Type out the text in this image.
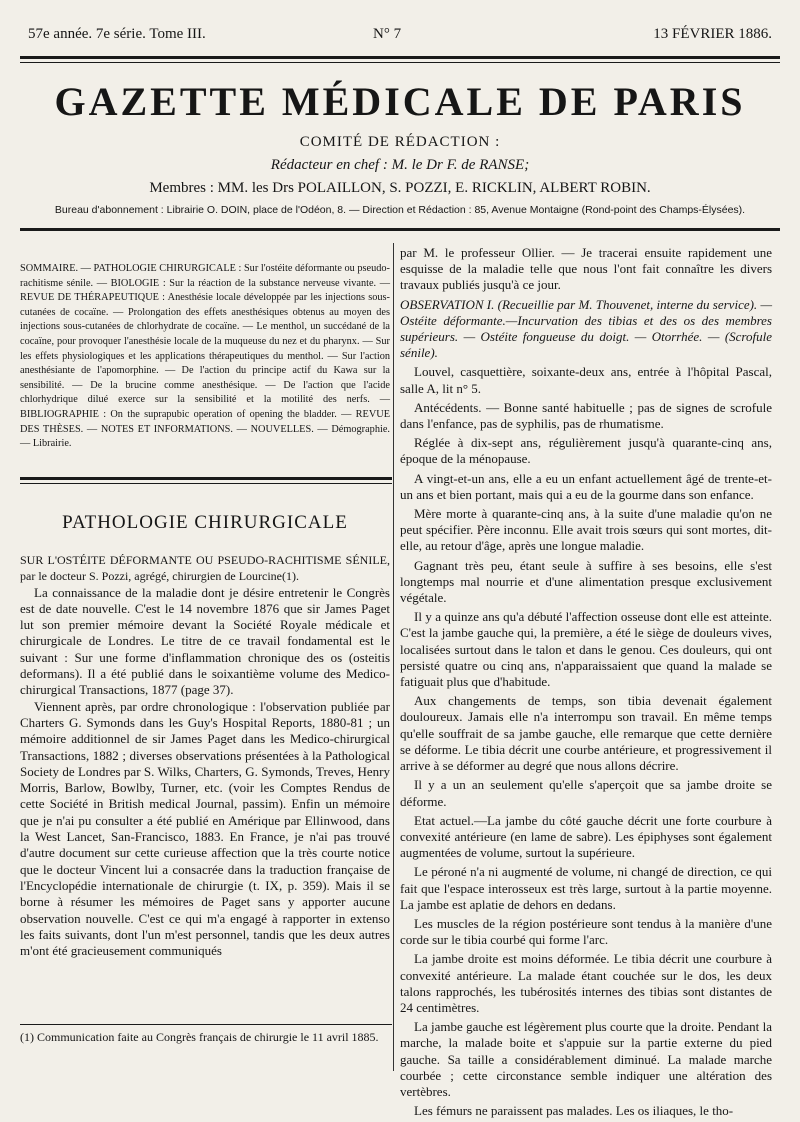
57e année. 7e série. Tome III.	N° 7	13 FÉVRIER 1886.
GAZETTE MÉDICALE DE PARIS
COMITÉ DE RÉDACTION :
Rédacteur en chef : M. le Dr F. de RANSE;
Membres : MM. les Drs POLAILLON, S. POZZI, E. RICKLIN, ALBERT ROBIN.
Bureau d'abonnement : Librairie O. DOIN, place de l'Odéon, 8. — Direction et Rédaction : 85, Avenue Montaigne (Rond-point des Champs-Élysées).
SOMMAIRE. — PATHOLOGIE CHIRURGICALE : Sur l'ostéite déformante ou pseudo-rachitisme sénile. — BIOLOGIE : Sur la réaction de la substance nerveuse vivante. — REVUE DE THÉRAPEUTIQUE : Anesthésie locale développée par les injections sous-cutanées de cocaïne. — Prolongation des effets anesthésiques obtenus au moyen des injections sous-cutanées de chlorhydrate de cocaïne. — Le menthol, un succédané de la cocaïne, pour provoquer l'anesthésie locale de la muqueuse du nez et du pharynx. — Sur les effets physiologiques et les applications thérapeutiques du menthol. — Sur l'action anesthésiante de l'apomorphine. — De l'action du principe actif du Kawa sur la sensibilité. — De la brucine comme anesthésique. — De l'action que l'acide chlorhydrique dilué exerce sur la sensibilité et la motilité des nerfs. — BIBLIOGRAPHIE : On the suprapubic operation of opening the bladder. — REVUE DES THÈSES. — NOTES ET INFORMATIONS. — NOUVELLES. — Démographie. — Librairie.
PATHOLOGIE CHIRURGICALE

SUR L'OSTÉITE DÉFORMANTE OU PSEUDO-RACHITISME SÉNILE, par le docteur S. Pozzi, agrégé, chirurgien de Lourcine(1).

La connaissance de la maladie dont je désire entretenir le Congrès est de date nouvelle. C'est le 14 novembre 1876 que sir James Paget lut son premier mémoire devant la Société Royale médicale et chirurgicale de Londres. Le titre de ce travail fondamental est le suivant : Sur une forme d'inflammation chronique des os (osteitis deformans). Il a été publié dans le soixantième volume des Medico-chirurgical Transactions, 1877 (page 37).

Viennent après, par ordre chronologique : l'observation publiée par Charters G. Symonds dans les Guy's Hospital Reports, 1880-81 ; un mémoire additionnel de sir James Paget dans les Medico-chirurgical Transactions, 1882 ; diverses observations présentées à la Pathological Society de Londres par S. Wilks, Charters, G. Symonds, Treves, Henry Morris, Barlow, Bowlby, Turner, etc. (voir les Comptes Rendus de cette Société in British medical Journal, passim). Enfin un mémoire que je n'ai pu consulter a été publié en Amérique par Ellinwood, dans la West Lancet, San-Francisco, 1883. En France, je n'ai pas trouvé d'autre document sur cette curieuse affection que la très courte notice que le docteur Vincent lui a consacrée dans la traduction française de l'Encyclopédie internationale de chirurgie (t. IX, p. 359). Mais il se borne à résumer les mémoires de Paget sans y apporter aucune observation nouvelle. C'est ce qui m'a engagé à rapporter in extenso les faits suivants, dont l'un m'est personnel, tandis que les deux autres m'ont été gracieusement communiqués

(1) Communication faite au Congrès français de chirurgie le 11 avril 1885.

par M. le professeur Ollier. — Je tracerai ensuite rapidement une esquisse de la maladie telle que nous l'ont fait connaître les divers travaux publiés jusqu'à ce jour.

OBSERVATION I. (Recueillie par M. Thouvenet, interne du service). —Ostéite déformante.—Incurvation des tibias et des os des membres supérieurs. — Ostéite fongueuse du doigt. — Otorrhée. — (Scrofule sénile).

Louvel, casquettière, soixante-deux ans, entrée à l'hôpital Pascal, salle A, lit n° 5.

Antécédents. — Bonne santé habituelle ; pas de signes de scrofule dans l'enfance, pas de syphilis, pas de rhumatisme.

Réglée à dix-sept ans, régulièrement jusqu'à quarante-cinq ans, époque de la ménopause.

A vingt-et-un ans, elle a eu un enfant actuellement âgé de trente-et-un ans et bien portant, mais qui a eu de la gourme dans son enfance.

Mère morte à quarante-cinq ans, à la suite d'une maladie qu'on ne peut spécifier. Père inconnu. Elle avait trois sœurs qui sont mortes, dit-elle, au retour d'âge, après une longue maladie.

Gagnant très peu, étant seule à suffire à ses besoins, elle s'est longtemps mal nourrie et d'une alimentation presque exclusivement végétale.

Il y a quinze ans qu'a débuté l'affection osseuse dont elle est atteinte. C'est la jambe gauche qui, la première, a été le siège de douleurs vives, localisées surtout dans le talon et dans le genou. Ces douleurs, qui ont persisté quatre ou cinq ans, n'apparaissaient que quand la malade se fatiguait plus que d'habitude.

Aux changements de temps, son tibia devenait également douloureux. Jamais elle n'a interrompu son travail. En même temps qu'elle souffrait de sa jambe gauche, elle remarque que cette dernière se déforme. Le tibia décrit une courbe antérieure, et progressivement il arrive à se déformer au degré que nous allons décrire.

Il y a un an seulement qu'elle s'aperçoit que sa jambe droite se déforme.

Etat actuel.—La jambe du côté gauche décrit une forte courbure à convexité antérieure (en lame de sabre). Les épiphyses sont également augmentées de volume, surtout la supérieure.

Le péroné n'a ni augmenté de volume, ni changé de direction, ce qui fait que l'espace interosseux est très large, surtout à la partie moyenne. La jambe est aplatie de dehors en dedans.

Les muscles de la région postérieure sont tendus à la manière d'une corde sur le tibia courbé qui forme l'arc.

La jambe droite est moins déformée. Le tibia décrit une courbure à convexité antérieure. La malade étant couchée sur le dos, les deux talons rapprochés, les tubérosités internes des tibias sont distantes de 24 centimètres.

La jambe gauche est légèrement plus courte que la droite. Pendant la marche, la malade boite et s'appuie sur la partie externe du pied gauche. Sa taille a considérablement diminué. La malade marche courbée ; cette circonstance semble indiquer une altération des vertèbres.

Les fémurs ne paraissent pas malades. Les os iliaques, le tho-
